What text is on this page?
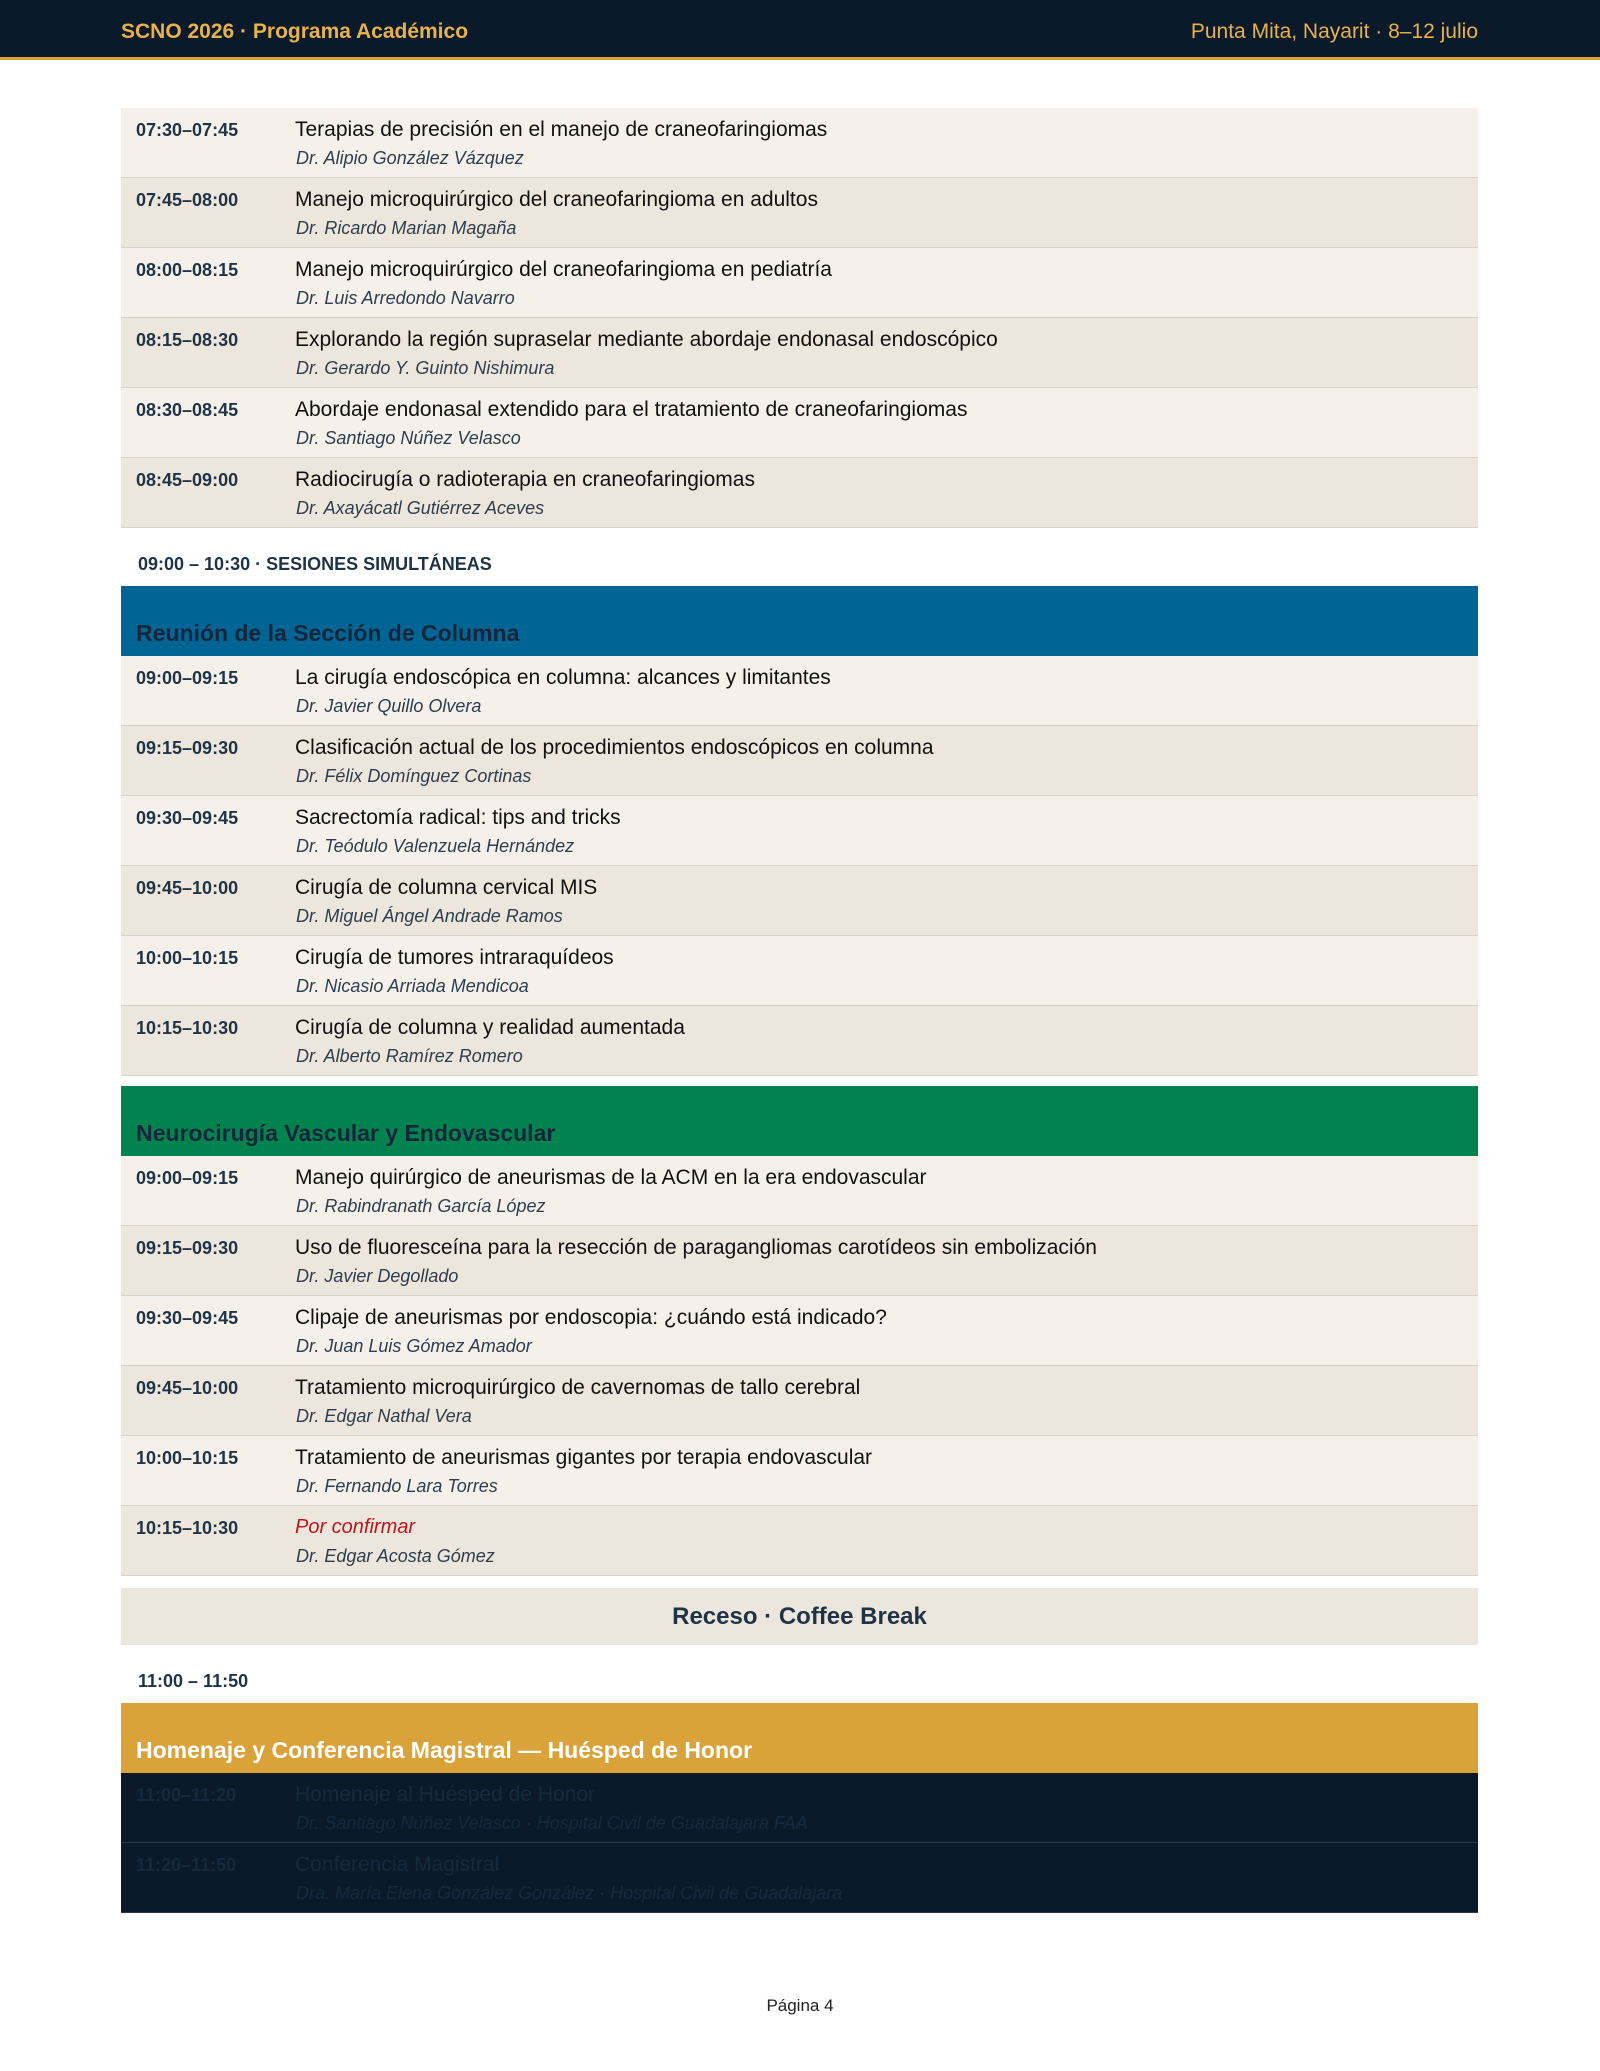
SCNO 2026 · Programa Académico	Punta Mita, Nayarit · 8–12 julio
07:30–07:45	Terapias de precisión en el manejo de craneofaringiomas
Dr. Alipio González Vázquez
07:45–08:00	Manejo microquirúrgico del craneofaringioma en adultos
Dr. Ricardo Marian Magaña
08:00–08:15	Manejo microquirúrgico del craneofaringioma en pediatría
Dr. Luis Arredondo Navarro
08:15–08:30	Explorando la región supraselar mediante abordaje endonasal endoscópico
Dr. Gerardo Y. Guinto Nishimura
08:30–08:45	Abordaje endonasal extendido para el tratamiento de craneofaringiomas
Dr. Santiago Núñez Velasco
08:45–09:00	Radiocirugía o radioterapia en craneofaringiomas
Dr. Axayácatl Gutiérrez Aceves
09:00 – 10:30 · SESIONES SIMULTÁNEAS
Reunión de la Sección de Columna
09:00–09:15	La cirugía endoscópica en columna: alcances y limitantes
Dr. Javier Quillo Olvera
09:15–09:30	Clasificación actual de los procedimientos endoscópicos en columna
Dr. Félix Domínguez Cortinas
09:30–09:45	Sacrectomía radical: tips and tricks
Dr. Teódulo Valenzuela Hernández
09:45–10:00	Cirugía de columna cervical MIS
Dr. Miguel Ángel Andrade Ramos
10:00–10:15	Cirugía de tumores intraraquídeos
Dr. Nicasio Arriada Mendicoa
10:15–10:30	Cirugía de columna y realidad aumentada
Dr. Alberto Ramírez Romero
Neurocirugía Vascular y Endovascular
09:00–09:15	Manejo quirúrgico de aneurismas de la ACM en la era endovascular
Dr. Rabindranath García López
09:15–09:30	Uso de fluoresceína para la resección de paragangliomas carotídeos sin embolización
Dr. Javier Degollado
09:30–09:45	Clipaje de aneurismas por endoscopia: ¿cuándo está indicado?
Dr. Juan Luis Gómez Amador
09:45–10:00	Tratamiento microquirúrgico de cavernomas de tallo cerebral
Dr. Edgar Nathal Vera
10:00–10:15	Tratamiento de aneurismas gigantes por terapia endovascular
Dr. Fernando Lara Torres
10:15–10:30	Por confirmar
Dr. Edgar Acosta Gómez
Receso · Coffee Break
11:00 – 11:50
Homenaje y Conferencia Magistral — Huésped de Honor
11:00–11:20	Homenaje al Huésped de Honor
Dr. Santiago Núñez Velasco · Hospital Civil de Guadalajara FAA
11:20–11:50	Conferencia Magistral
Dra. María Elena González González · Hospital Civil de Guadalajara
Página 4
